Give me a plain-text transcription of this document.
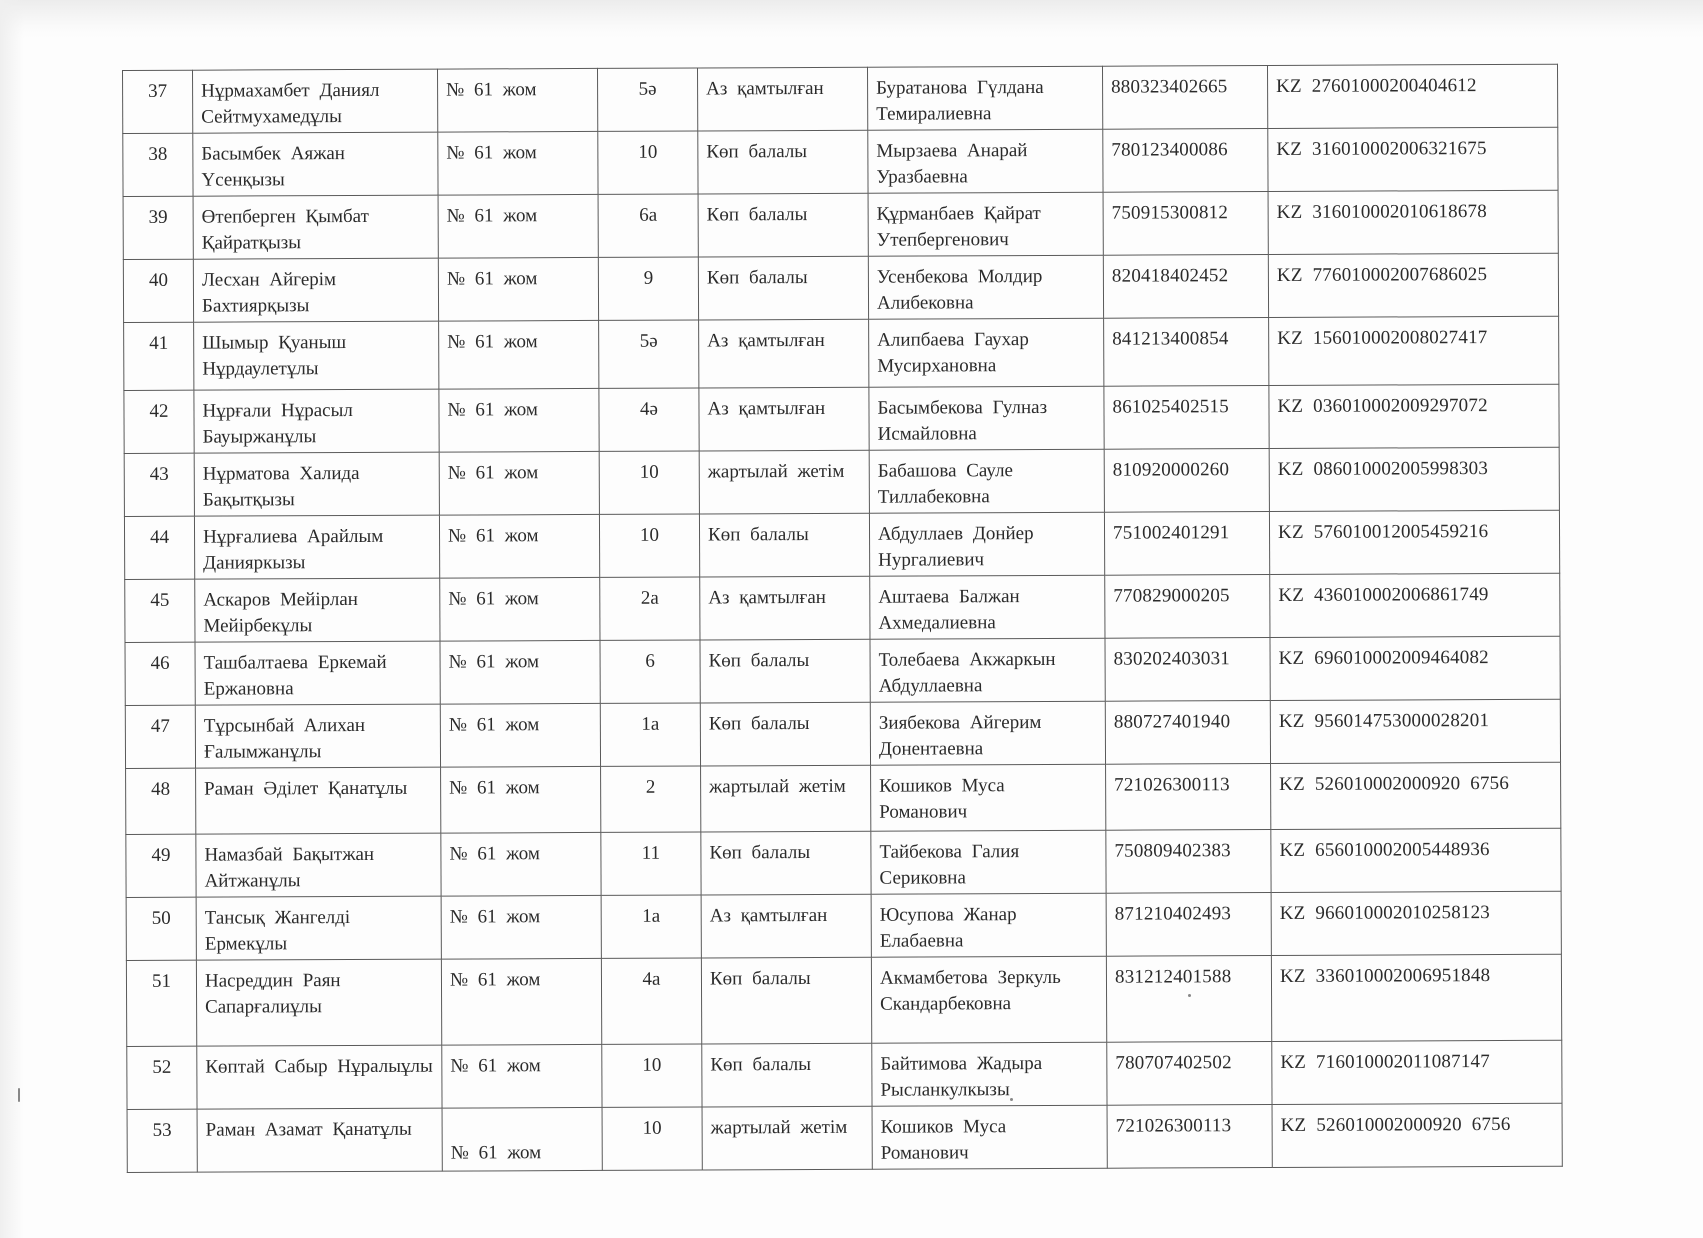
37	Нұрмахамбет Даниял Сейтмухамедұлы	№ 61 жом	5ә	Аз қамтылған	Буратанова Гүлдана Темиралиевна	880323402665	KZ 27601000200404612
38	Басымбек Аяжан Үсенқызы	№ 61 жом	10	Көп балалы	Мырзаева Анарай Уразбаевна	780123400086	KZ 316010002006321675
39	Өтепберген Қымбат Қайратқызы	№ 61 жом	6а	Көп балалы	Құрманбаев Қайрат Утепбергенович	750915300812	KZ 316010002010618678
40	Лесхан Айгерім Бахтиярқызы	№ 61 жом	9	Көп балалы	Усенбекова Молдир Алибековна	820418402452	KZ 776010002007686025
41	Шымыр Қуаныш Нұрдаулетұлы	№ 61 жом	5ә	Аз қамтылған	Алипбаева Гаухар Мусирхановна	841213400854	KZ 156010002008027417
42	Нұрғали Нұрасыл Бауыржанұлы	№ 61 жом	4ә	Аз қамтылған	Басымбекова Гулназ Исмайловна	861025402515	KZ 036010002009297072
43	Нұрматова Халида Бақытқызы	№ 61 жом	10	жартылай жетім	Бабашова Сауле Тиллабековна	810920000260	KZ 086010002005998303
44	Нұрғалиева Арайлым Данияркызы	№ 61 жом	10	Көп балалы	Абдуллаев Донйер Нургалиевич	751002401291	KZ 576010012005459216
45	Аскаров Мейірлан Мейірбекұлы	№ 61 жом	2а	Аз қамтылған	Аштаева Балжан Ахмедалиевна	770829000205	KZ 436010002006861749
46	Ташбалтаева Еркемай Ержановна	№ 61 жом	6	Көп балалы	Толебаева Акжаркын Абдуллаевна	830202403031	KZ 696010002009464082
47	Тұрсынбай Алихан Ғалымжанұлы	№ 61 жом	1а	Көп балалы	Зиябекова Айгерим Донентаевна	880727401940	KZ 956014753000028201
48	Раман Әділет Қанатұлы	№ 61 жом	2	жартылай жетім	Кошиков Муса Романович	721026300113	KZ 526010002000920 6756
49	Намазбай Бақытжан Айтжанұлы	№ 61 жом	11	Көп балалы	Тайбекова Галия Сериковна	750809402383	KZ 656010002005448936
50	Тансық Жангелді Ермекұлы	№ 61 жом	1а	Аз қамтылған	Юсупова Жанар Елабаевна	871210402493	KZ 966010002010258123
51	Насреддин Раян Сапарғалиұлы	№ 61 жом	4а	Көп балалы	Акмамбетова Зеркуль Скандарбековна	831212401588	KZ 336010002006951848
52	Көптай Сабыр Нұралыұлы	№ 61 жом	10	Көп балалы	Байтимова Жадыра Рысланкулкызы	780707402502	KZ 716010002011087147
53	Раман Азамат Қанатұлы	№ 61 жом	10	жартылай жетім	Кошиков Муса Романович	721026300113	KZ 526010002000920 6756
